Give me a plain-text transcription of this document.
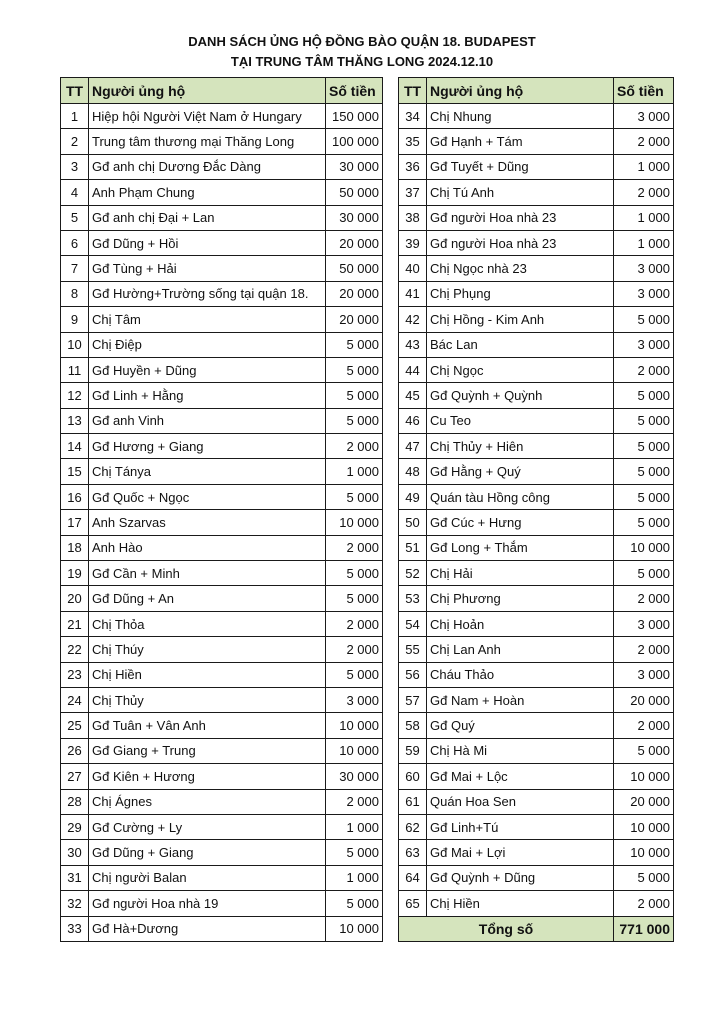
DANH SÁCH ỦNG HỘ ĐỒNG BÀO QUẬN 18. BUDAPEST
TẠI TRUNG TÂM THĂNG LONG 2024.12.10
TT	Người ủng hộ	Số tiền
1	Hiệp hội Người Việt Nam ở Hungary	150 000
2	Trung tâm thương mại Thăng Long	100 000
3	Gđ anh chị Dương Đắc Dàng	30 000
4	Anh Phạm Chung	50 000
5	Gđ anh chị Đại + Lan	30 000
6	Gđ Dũng + Hồi	20 000
7	Gđ Tùng + Hải	50 000
8	Gđ Hường+Trường sống tại quận 18.	20 000
9	Chị Tâm	20 000
10	Chị Điệp	5 000
11	Gđ Huyền + Dũng	5 000
12	Gđ Linh + Hằng	5 000
13	Gđ anh Vinh	5 000
14	Gđ Hương + Giang	2 000
15	Chị Tánya	1 000
16	Gđ Quốc + Ngọc	5 000
17	Anh Szarvas	10 000
18	Anh Hào	2 000
19	Gđ Cần + Minh	5 000
20	Gđ Dũng + An	5 000
21	Chị Thỏa	2 000
22	Chị Thúy	2 000
23	Chị Hiền	5 000
24	Chị Thủy	3 000
25	Gđ Tuân + Vân Anh	10 000
26	Gđ Giang + Trung	10 000
27	Gđ Kiên + Hương	30 000
28	Chị Ágnes	2 000
29	Gđ Cường + Ly	1 000
30	Gđ Dũng + Giang	5 000
31	Chị người Balan	1 000
32	Gđ người Hoa nhà 19	5 000
33	Gđ Hà+Dương	10 000
TT	Người ủng hộ	Số tiền
34	Chị Nhung	3 000
35	Gđ Hạnh + Tám	2 000
36	Gđ Tuyết + Dũng	1 000
37	Chị Tú Anh	2 000
38	Gđ người Hoa nhà 23	1 000
39	Gđ người Hoa nhà 23	1 000
40	Chị Ngọc nhà 23	3 000
41	Chị Phụng	3 000
42	Chị Hồng - Kim Anh	5 000
43	Bác Lan	3 000
44	Chị Ngọc	2 000
45	Gđ Quỳnh + Quỳnh	5 000
46	Cu Teo	5 000
47	Chị Thủy + Hiên	5 000
48	Gđ Hằng + Quý	5 000
49	Quán tàu Hồng công	5 000
50	Gđ Cúc + Hưng	5 000
51	Gđ Long + Thắm	10 000
52	Chị Hải	5 000
53	Chị Phương	2 000
54	Chị Hoản	3 000
55	Chị Lan Anh	2 000
56	Cháu Thảo	3 000
57	Gđ Nam + Hoàn	20 000
58	Gđ Quý	2 000
59	Chị Hà Mi	5 000
60	Gđ Mai + Lộc	10 000
61	Quán Hoa Sen	20 000
62	Gđ Linh+Tú	10 000
63	Gđ Mai + Lợi	10 000
64	Gđ Quỳnh + Dũng	5 000
65	Chị Hiền	2 000
Tổng số		771 000
